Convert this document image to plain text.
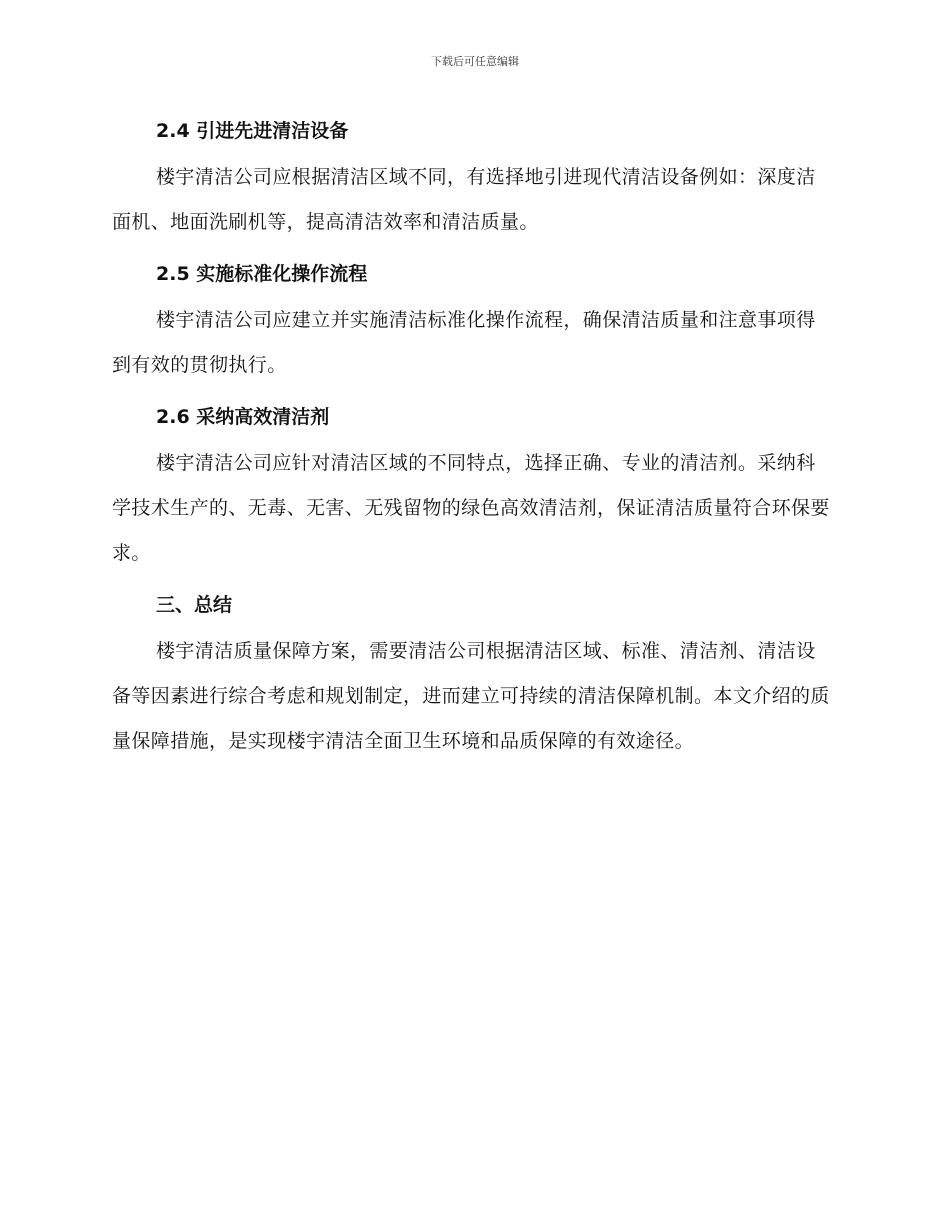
下载后可任意编辑
2.4 引进先进清洁设备

楼宇清洁公司应根据清洁区域不同，有选择地引进现代清洁设备例如：深度洁面机、地面洗刷机等，提高清洁效率和清洁质量。

2.5 实施标准化操作流程

楼宇清洁公司应建立并实施清洁标准化操作流程，确保清洁质量和注意事项得到有效的贯彻执行。

2.6 采纳高效清洁剂

楼宇清洁公司应针对清洁区域的不同特点，选择正确、专业的清洁剂。采纳科学技术生产的、无毒、无害、无残留物的绿色高效清洁剂，保证清洁质量符合环保要求。

三、总结

楼宇清洁质量保障方案，需要清洁公司根据清洁区域、标准、清洁剂、清洁设备等因素进行综合考虑和规划制定，进而建立可持续的清洁保障机制。本文介绍的质量保障措施，是实现楼宇清洁全面卫生环境和品质保障的有效途径。
